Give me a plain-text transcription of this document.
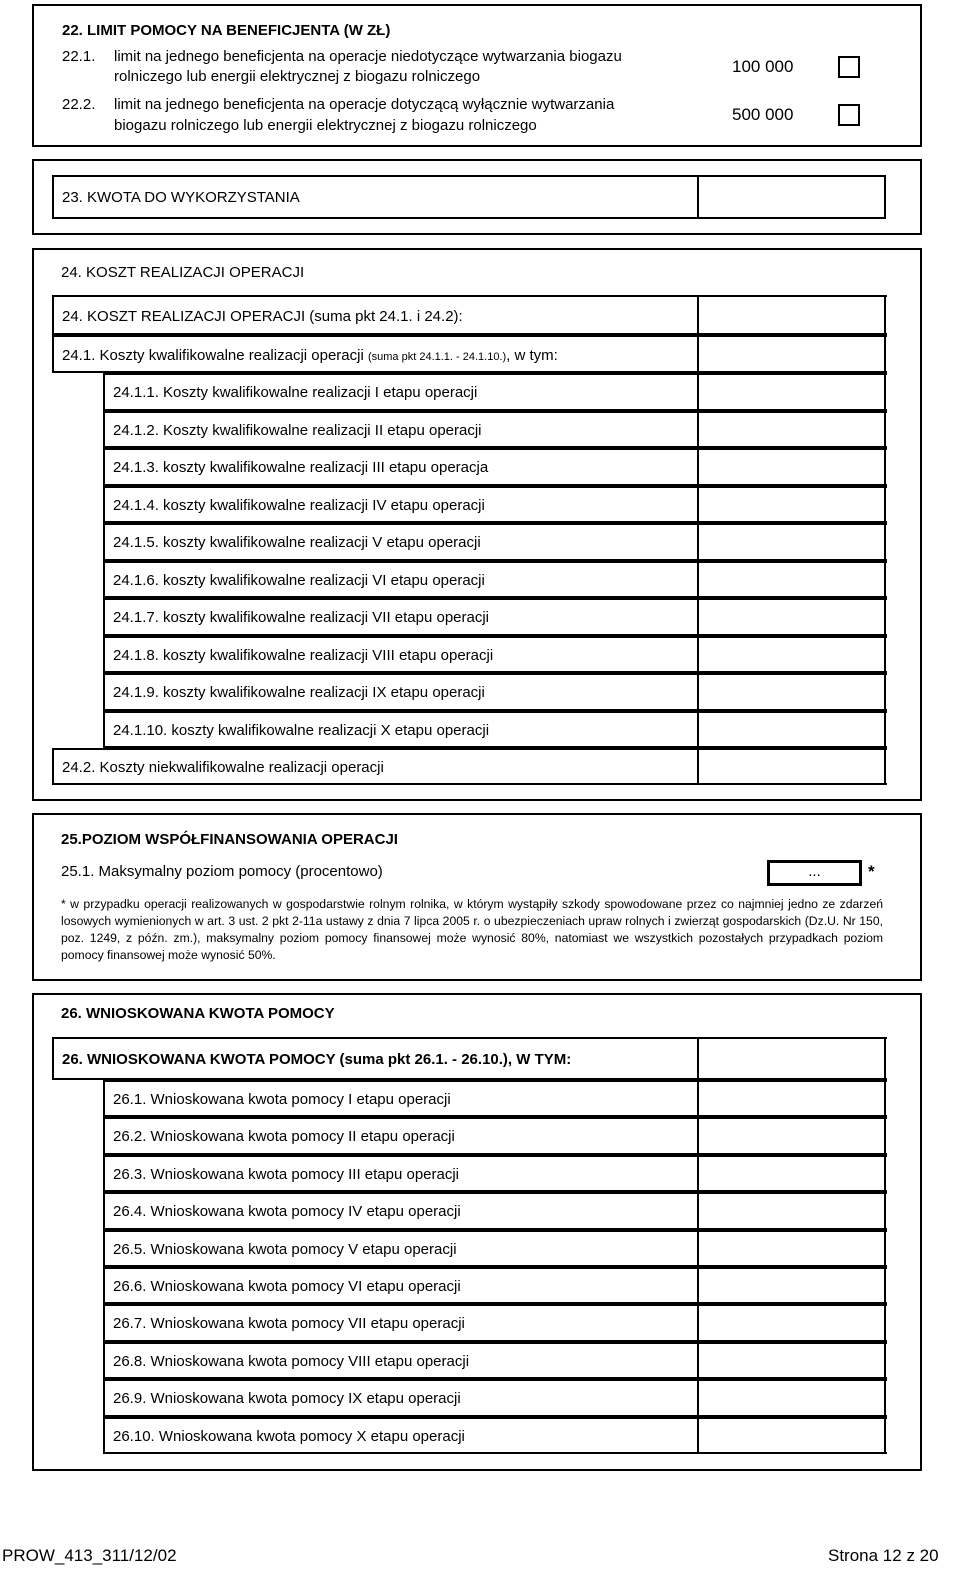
22. LIMIT POMOCY NA BENEFICJENTA (W ZŁ)
22.1. limit na jednego beneficjenta na operacje niedotyczące wytwarzania biogazu
rolniczego lub energii elektrycznej z biogazu rolniczego
100 000
22.2. limit na jednego beneficjenta na operacje dotyczącą wyłącznie wytwarzania
biogazu rolniczego lub energii elektrycznej z biogazu rolniczego
500 000
23. KWOTA DO WYKORZYSTANIA
24. KOSZT REALIZACJI OPERACJI
24. KOSZT REALIZACJI OPERACJI (suma pkt 24.1. i 24.2):
24.1. Koszty kwalifikowalne realizacji operacji (suma pkt 24.1.1. - 24.1.10.), w tym:
24.1.1. Koszty kwalifikowalne realizacji I etapu operacji
24.1.2. Koszty kwalifikowalne realizacji II etapu operacji
24.1.3. koszty kwalifikowalne realizacji III etapu operacja
24.1.4. koszty kwalifikowalne realizacji IV etapu operacji
24.1.5. koszty kwalifikowalne realizacji V etapu operacji
24.1.6. koszty kwalifikowalne realizacji VI etapu operacji
24.1.7. koszty kwalifikowalne realizacji VII etapu operacji
24.1.8. koszty kwalifikowalne realizacji VIII etapu operacji
24.1.9. koszty kwalifikowalne realizacji IX etapu operacji
24.1.10. koszty kwalifikowalne realizacji X etapu operacji
24.2. Koszty niekwalifikowalne realizacji operacji
25.POZIOM WSPÓŁFINANSOWANIA OPERACJI
25.1. Maksymalny poziom pomocy (procentowo)	...	*
* w przypadku operacji realizowanych w gospodarstwie rolnym rolnika, w którym wystąpiły szkody spowodowane przez co najmniej jedno ze zdarzeń losowych wymienionych w art. 3 ust. 2 pkt 2-11a ustawy z dnia 7 lipca 2005 r. o ubezpieczeniach upraw rolnych i zwierząt gospodarskich (Dz.U. Nr 150, poz. 1249, z późn. zm.), maksymalny poziom pomocy finansowej może wynosić 80%, natomiast we wszystkich pozostałych przypadkach poziom pomocy finansowej może wynosić 50%.
26. WNIOSKOWANA KWOTA POMOCY
26. WNIOSKOWANA KWOTA POMOCY (suma pkt 26.1. - 26.10.), W TYM:
26.1. Wnioskowana kwota pomocy I etapu operacji
26.2. Wnioskowana kwota pomocy II etapu operacji
26.3. Wnioskowana kwota pomocy III etapu operacji
26.4. Wnioskowana kwota pomocy IV etapu operacji
26.5. Wnioskowana kwota pomocy V etapu operacji
26.6. Wnioskowana kwota pomocy VI etapu operacji
26.7. Wnioskowana kwota pomocy VII etapu operacji
26.8. Wnioskowana kwota pomocy VIII etapu operacji
26.9. Wnioskowana kwota pomocy IX etapu operacji
26.10. Wnioskowana kwota pomocy X etapu operacji
PROW_413_311/12/02	Strona 12 z 20
